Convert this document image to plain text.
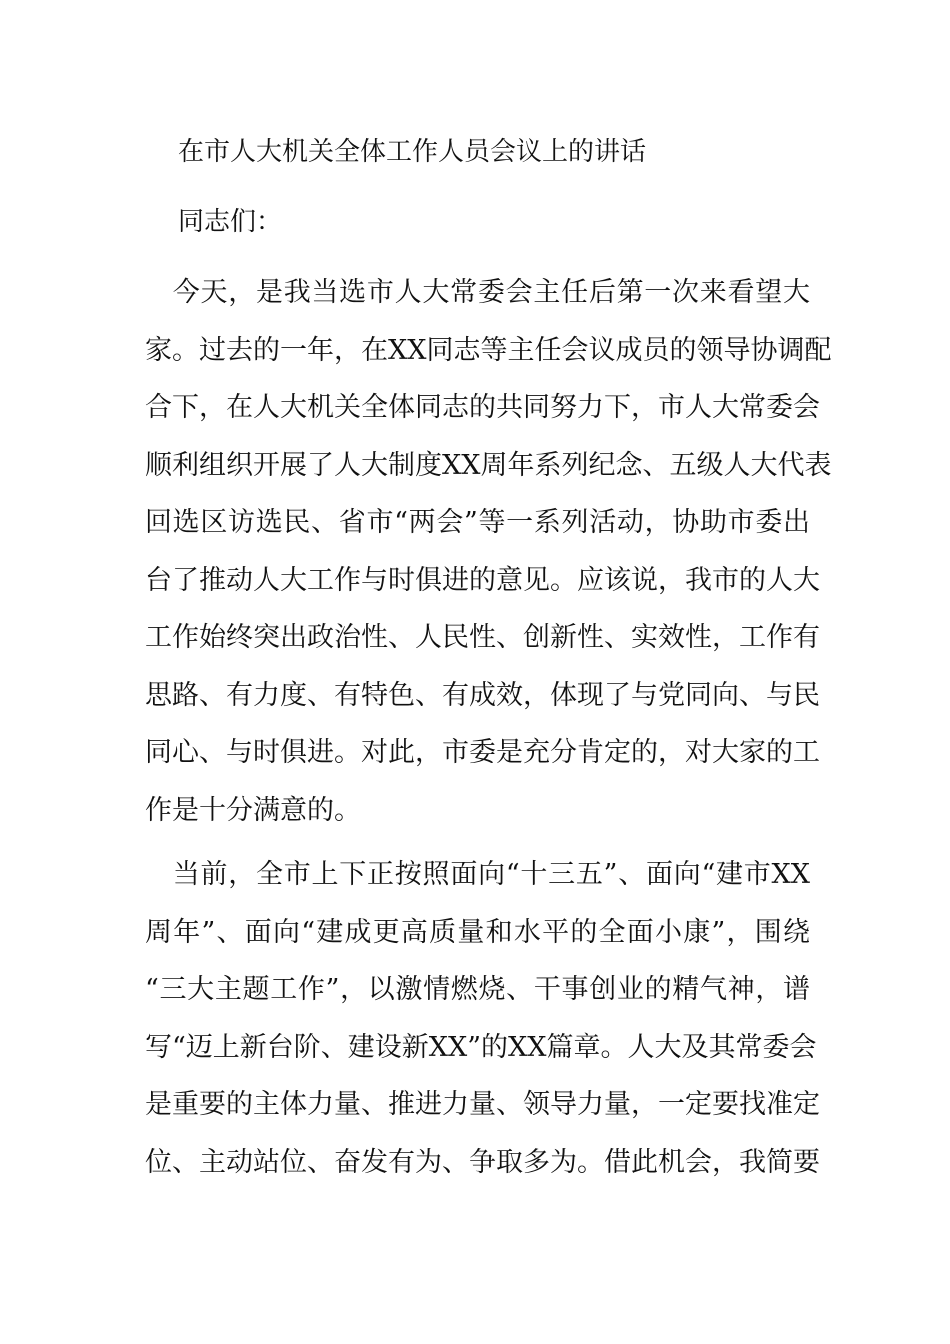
在市人大机关全体工作人员会议上的讲话
同志们：
　今天，是我当选市人大常委会主任后第一次来看望大
家。过去的一年，在XX同志等主任会议成员的领导协调配
合下，在人大机关全体同志的共同努力下，市人大常委会
顺利组织开展了人大制度XX周年系列纪念、五级人大代表
回选区访选民、省市“两会”等一系列活动，协助市委出
台了推动人大工作与时俱进的意见。应该说，我市的人大
工作始终突出政治性、人民性、创新性、实效性，工作有
思路、有力度、有特色、有成效，体现了与党同向、与民
同心、与时俱进。对此，市委是充分肯定的，对大家的工
作是十分满意的。
　当前，全市上下正按照面向“十三五”、面向“建市XX
周年”、面向“建成更高质量和水平的全面小康”，围绕
“三大主题工作”，以激情燃烧、干事创业的精气神，谱
写“迈上新台阶、建设新XX”的XX篇章。人大及其常委会
是重要的主体力量、推进力量、领导力量，一定要找准定
位、主动站位、奋发有为、争取多为。借此机会，我简要
